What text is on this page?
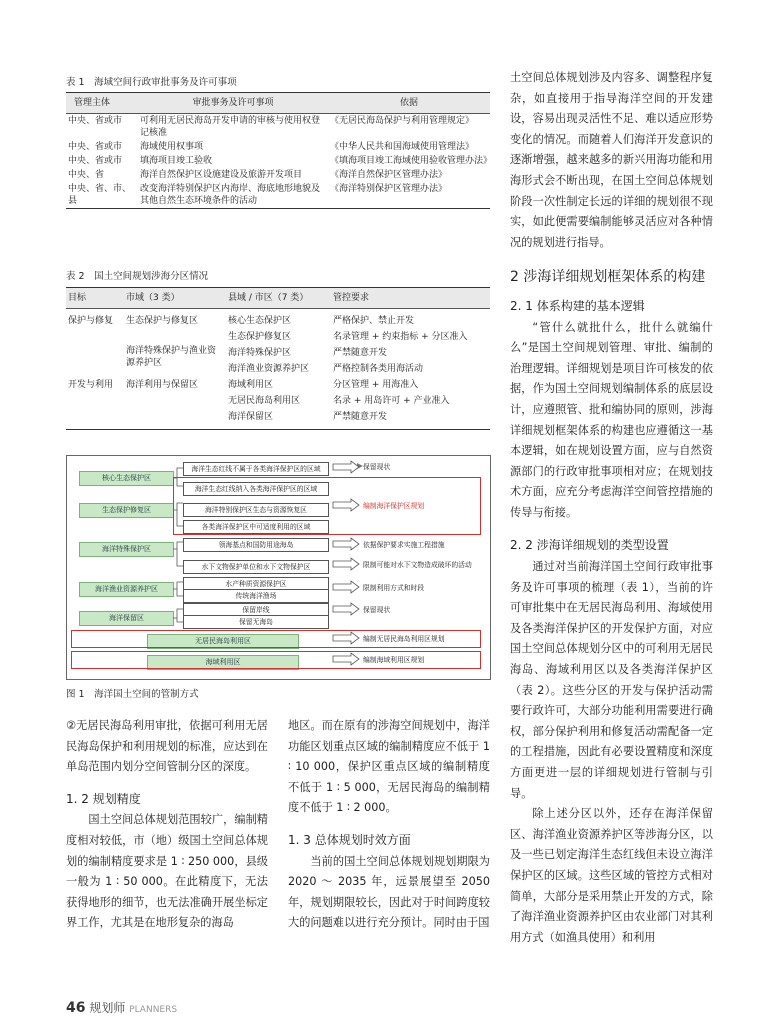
表 1　海域空间行政审批事务及许可事项
管理主体	审批事务及许可事项	依据
中央、省或市	可利用无居民海岛开发申请的审核与使用权登记核准	《无居民海岛保护与利用管理规定》
中央、省或市	海域使用权事项	《中华人民共和国海域使用管理法》
中央、省或市	填海项目竣工验收	《填海项目竣工海域使用验收管理办法》
中央、省	海洋自然保护区设施建设及旅游开发项目	《海洋自然保护区管理办法》
中央、省、市、县	改变海洋特别保护区内海岸、海底地形地貌及其他自然生态环境条件的活动	《海洋特别保护区管理办法》
表 2　国土空间规划涉海分区情况
目标	市域（3 类）	县域 / 市区（7 类）	管控要求
保护与修复	生态保护与修复区	核心生态保护区	严格保护、禁止开发
		生态保护修复区	名录管理 + 约束指标 + 分区准入
	海洋特殊保护与渔业资源养护区	海洋特殊保护区	严禁随意开发
		海洋渔业资源养护区	严格控制各类用海活动
开发与利用	海洋利用与保留区	海域利用区	分区管理 + 用海准入
		无居民海岛利用区	名录 + 用岛许可 + 产业准入
		海洋保留区	严禁随意开发
核心生态保护区
生态保护修复区
海洋特殊保护区
海洋渔业资源养护区
海洋保留区
无居民海岛利用区
海域利用区
海洋生态红线不属于各类海洋保护区的区域
海洋生态红线纳入各类海洋保护区的区域
海洋特别保护区生态与资源恢复区
各类海洋保护区中可适度利用的区域
领海基点和国防用途海岛
水下文物保护单位和水下文物保护区
水产种质资源保护区
传统海洋渔场
保留岸线
保留无海岛
保留现状
编制海洋保护区规划
依据保护要求实施工程措施
限制可能对水下文物造成破坏的活动
限制利用方式和时段
保留现状
编制无居民海岛利用区规划
编制海域利用区规划
图 1　海洋国土空间的管制方式

②无居民海岛利用审批，依据可利用无居民海岛保护和利用规划的标准，应达到在单岛范围内划分空间管制分区的深度。

1. 2 规划精度

国土空间总体规划范围较广，编制精度相对较低，市（地）级国土空间总体规划的编制精度要求是 1 ∶ 250 000，县级一般为 1 ∶ 50 000。在此精度下，无法获得地形的细节，也无法准确开展坐标定界工作，尤其是在地形复杂的海岛

地区。而在原有的涉海空间规划中，海洋功能区划重点区域的编制精度应不低于 1 ∶ 10 000，保护区重点区域的编制精度不低于 1 ∶ 5 000，无居民海岛的编制精度不低于 1 ∶ 2 000。

1. 3 总体规划时效方面

当前的国土空间总体规划规划期限为 2020 ～ 2035 年，远景展望至 2050 年，规划期限较长，因此对于时间跨度较大的问题难以进行充分预计。同时由于国

土空间总体规划涉及内容多、调整程序复杂，如直接用于指导海洋空间的开发建设，容易出现灵活性不足、难以适应形势变化的情况。而随着人们海洋开发意识的逐渐增强，越来越多的新兴用海功能和用海形式会不断出现，在国土空间总体规划阶段一次性制定长远的详细的规划很不现实，如此便需要编制能够灵活应对各种情况的规划进行指导。

2 涉海详细规划框架体系的构建
2. 1 体系构建的基本逻辑

“管什么就批什么，批什么就编什么”是国土空间规划管理、审批、编制的治理逻辑。详细规划是项目许可核发的依据，作为国土空间规划编制体系的底层设计，应遵照管、批和编协同的原则，涉海详细规划框架体系的构建也应遵循这一基本逻辑，如在规划设置方面，应与自然资源部门的行政审批事项相对应；在规划技术方面，应充分考虑海洋空间管控措施的传导与衔接。

2. 2 涉海详细规划的类型设置

通过对当前海洋国土空间行政审批事务及许可事项的梳理（表 1），当前的许可审批集中在无居民海岛利用、海域使用及各类海洋保护区的开发保护方面，对应国土空间总体规划分区中的可利用无居民海岛、海域利用区以及各类海洋保护区（表 2）。这些分区的开发与保护活动需要行政许可，大部分功能利用需要进行确权，部分保护利用和修复活动需配备一定的工程措施，因此有必要设置精度和深度方面更进一层的详细规划进行管制与引导。

除上述分区以外，还存在海洋保留区、海洋渔业资源养护区等涉海分区，以及一些已划定海洋生态红线但未设立海洋保护区的区域。这些区域的管控方式相对简单，大部分是采用禁止开发的方式，除了海洋渔业资源养护区由农业部门对其利用方式（如渔具使用）和利用

46 规划师 PLANNERS
